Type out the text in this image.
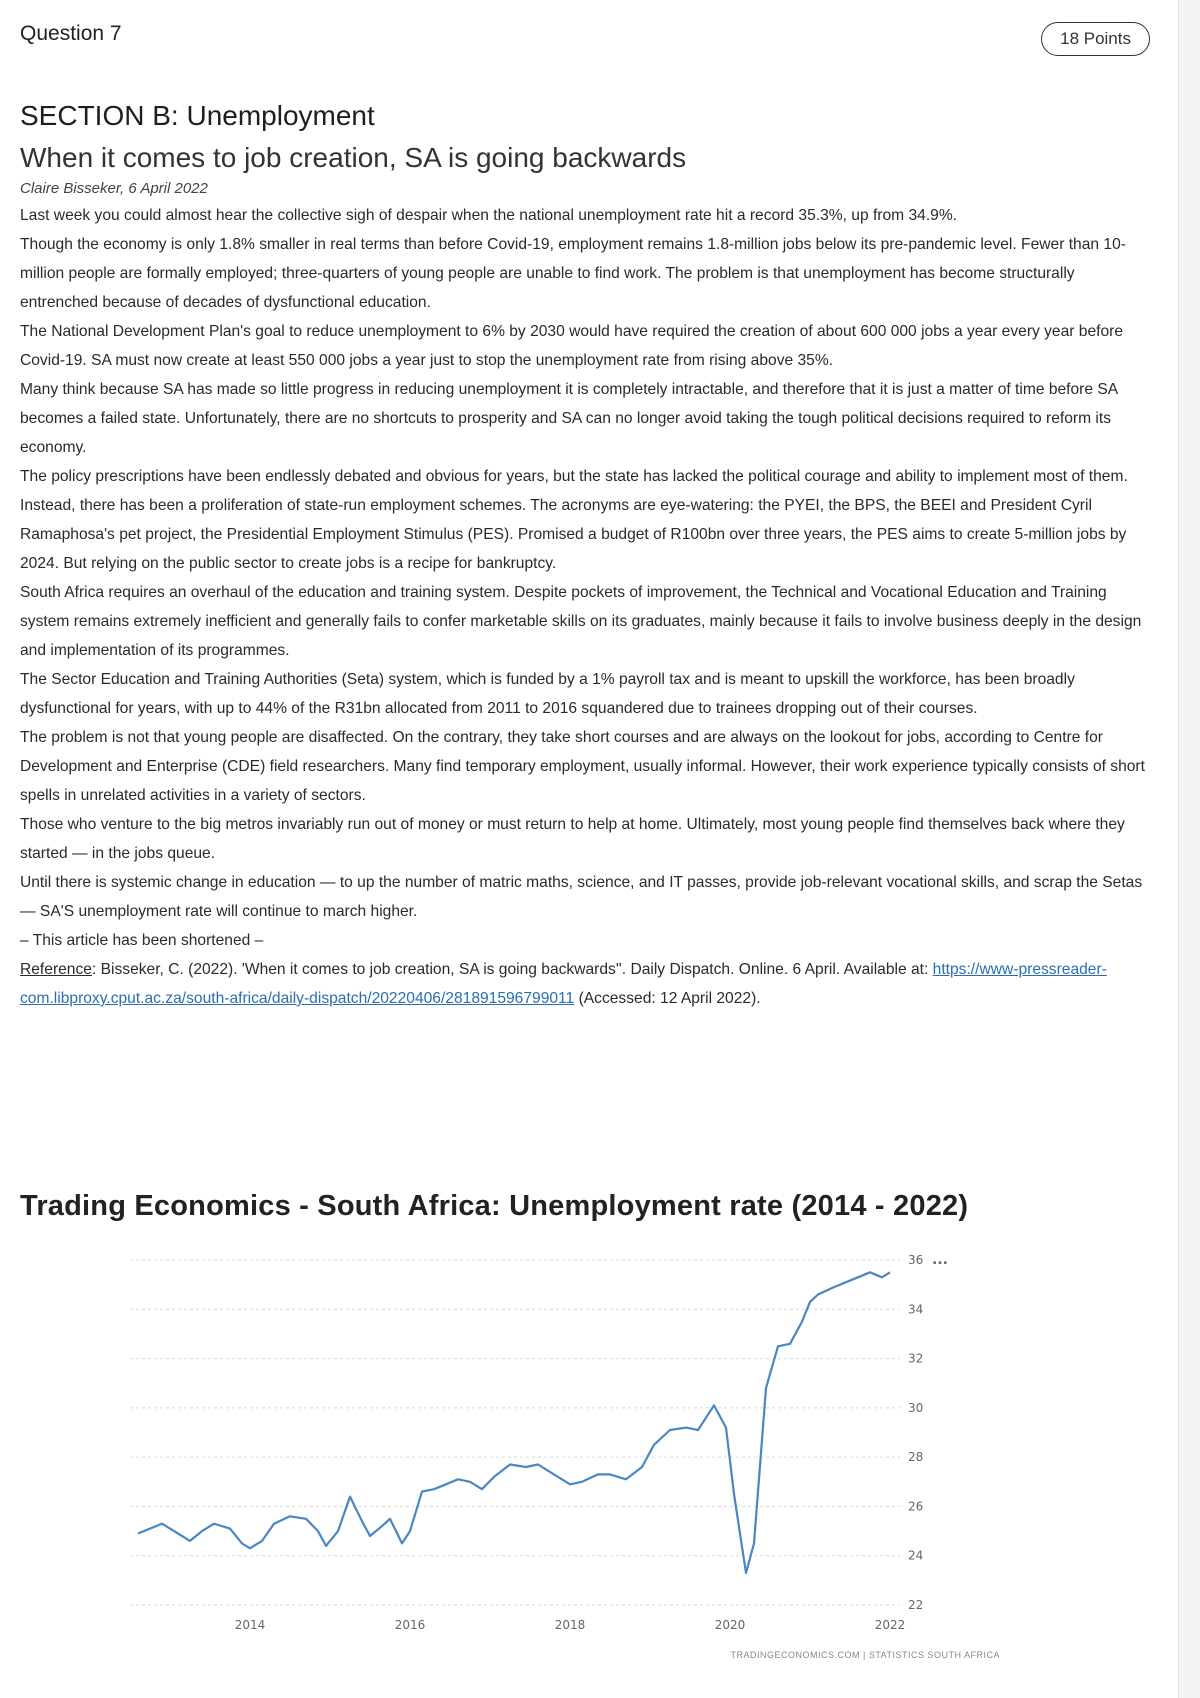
Question 7	18 Points
SECTION B: Unemployment
When it comes to job creation, SA is going backwards

Claire Bisseker, 6 April 2022

Last week you could almost hear the collective sigh of despair when the national unemployment rate hit a record 35.3%, up from 34.9%.

Though the economy is only 1.8% smaller in real terms than before Covid-19, employment remains 1.8-million jobs below its pre-pandemic level. Fewer than 10-million people are formally employed; three-quarters of young people are unable to find work. The problem is that unemployment has become structurally entrenched because of decades of dysfunctional education.

The National Development Plan's goal to reduce unemployment to 6% by 2030 would have required the creation of about 600 000 jobs a year every year before Covid-19. SA must now create at least 550 000 jobs a year just to stop the unemployment rate from rising above 35%.

Many think because SA has made so little progress in reducing unemployment it is completely intractable, and therefore that it is just a matter of time before SA becomes a failed state. Unfortunately, there are no shortcuts to prosperity and SA can no longer avoid taking the tough political decisions required to reform its economy.

The policy prescriptions have been endlessly debated and obvious for years, but the state has lacked the political courage and ability to implement most of them. Instead, there has been a proliferation of state-run employment schemes. The acronyms are eye-watering: the PYEI, the BPS, the BEEI and President Cyril Ramaphosa's pet project, the Presidential Employment Stimulus (PES). Promised a budget of R100bn over three years, the PES aims to create 5-million jobs by 2024. But relying on the public sector to create jobs is a recipe for bankruptcy.

South Africa requires an overhaul of the education and training system. Despite pockets of improvement, the Technical and Vocational Education and Training system remains extremely inefficient and generally fails to confer marketable skills on its graduates, mainly because it fails to involve business deeply in the design and implementation of its programmes.

The Sector Education and Training Authorities (Seta) system, which is funded by a 1% payroll tax and is meant to upskill the workforce, has been broadly dysfunctional for years, with up to 44% of the R31bn allocated from 2011 to 2016 squandered due to trainees dropping out of their courses.

The problem is not that young people are disaffected. On the contrary, they take short courses and are always on the lookout for jobs, according to Centre for Development and Enterprise (CDE) field researchers. Many find temporary employment, usually informal. However, their work experience typically consists of short spells in unrelated activities in a variety of sectors.

Those who venture to the big metros invariably run out of money or must return to help at home. Ultimately, most young people find themselves back where they started — in the jobs queue.

Until there is systemic change in education — to up the number of matric maths, science, and IT passes, provide job-relevant vocational skills, and scrap the Setas — SA'S unemployment rate will continue to march higher.

– This article has been shortened –

Reference: Bisseker, C. (2022). 'When it comes to job creation, SA is going backwards''. Daily Dispatch. Online. 6 April. Available at: https://www-pressreader-com.libproxy.cput.ac.za/south-africa/daily-dispatch/20220406/281891596799011 (Accessed: 12 April 2022).

Trading Economics - South Africa: Unemployment rate (2014 - 2022)
22
24
26
28
30
32
34
36
2014	2016	2018	2020	2022
...
TRADINGECONOMICS.COM | STATISTICS SOUTH AFRICA
